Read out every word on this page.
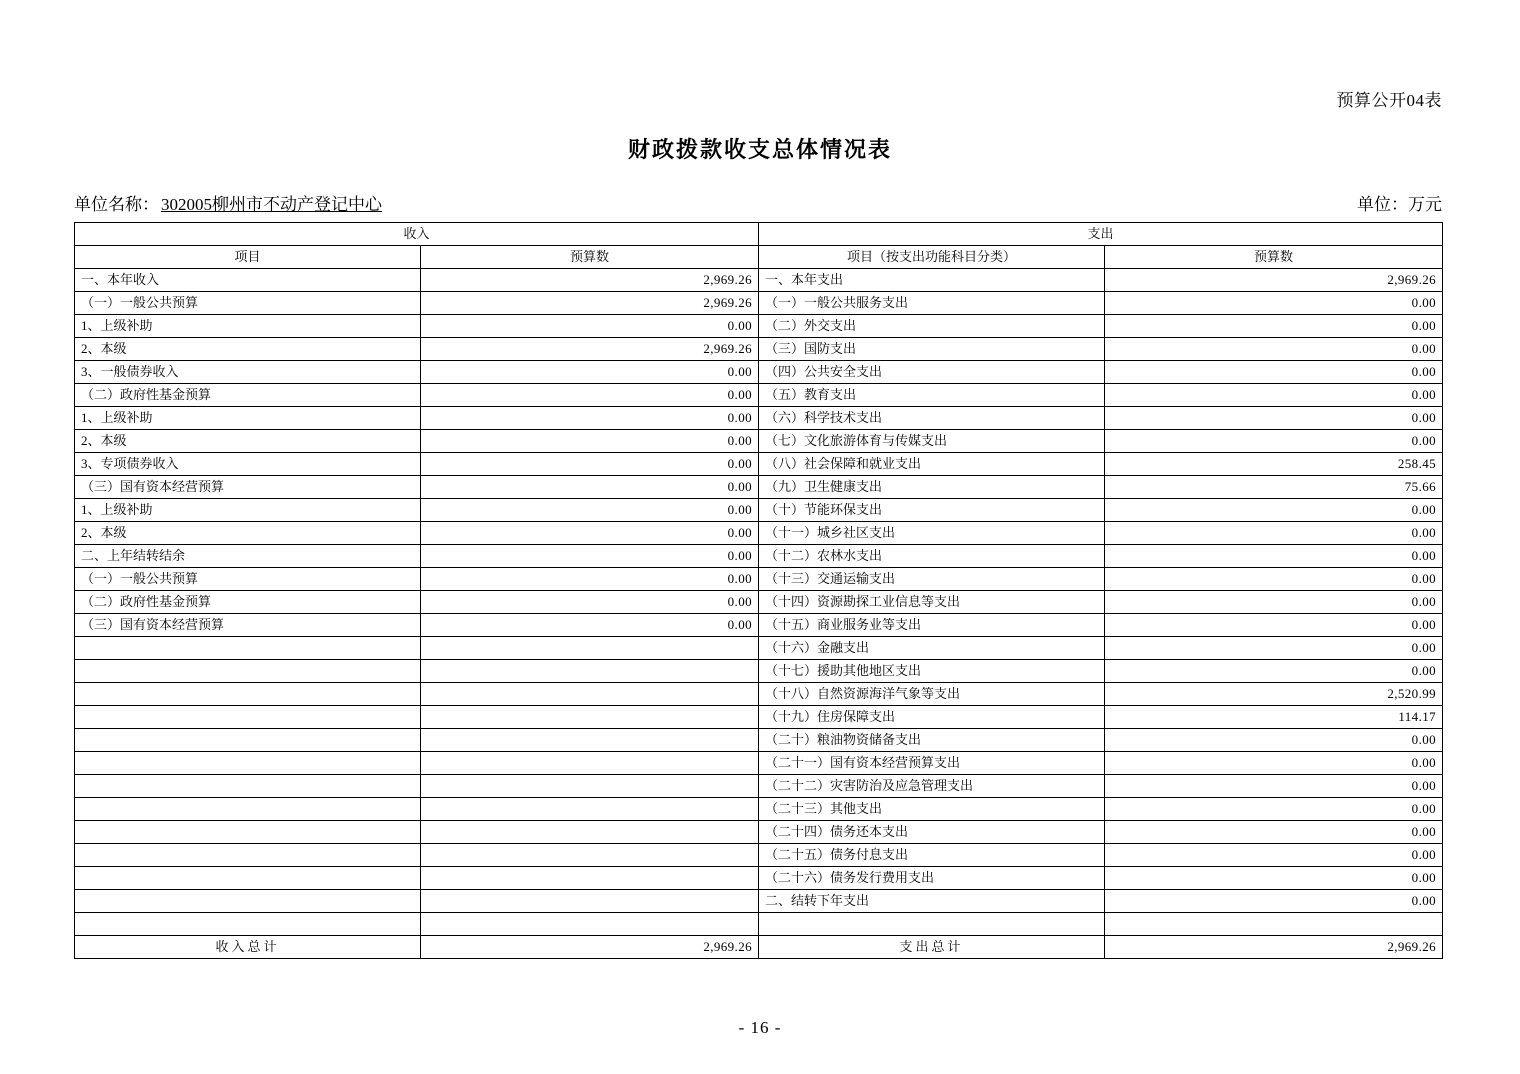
预算公开04表
财政拨款收支总体情况表
单位名称： 302005柳州市不动产登记中心	单位：万元
收入		支出	
项目	预算数	项目（按支出功能科目分类）	预算数
一、本年收入	2,969.26	一、本年支出	2,969.26
（一）一般公共预算	2,969.26	（一）一般公共服务支出	0.00
1、上级补助	0.00	（二）外交支出	0.00
2、本级	2,969.26	（三）国防支出	0.00
3、一般债券收入	0.00	（四）公共安全支出	0.00
（二）政府性基金预算	0.00	（五）教育支出	0.00
1、上级补助	0.00	（六）科学技术支出	0.00
2、本级	0.00	（七）文化旅游体育与传媒支出	0.00
3、专项债券收入	0.00	（八）社会保障和就业支出	258.45
（三）国有资本经营预算	0.00	（九）卫生健康支出	75.66
1、上级补助	0.00	（十）节能环保支出	0.00
2、本级	0.00	（十一）城乡社区支出	0.00
二、上年结转结余	0.00	（十二）农林水支出	0.00
（一）一般公共预算	0.00	（十三）交通运输支出	0.00
（二）政府性基金预算	0.00	（十四）资源勘探工业信息等支出	0.00
（三）国有资本经营预算	0.00	（十五）商业服务业等支出	0.00
		（十六）金融支出	0.00
		（十七）援助其他地区支出	0.00
		（十八）自然资源海洋气象等支出	2,520.99
		（十九）住房保障支出	114.17
		（二十）粮油物资储备支出	0.00
		（二十一）国有资本经营预算支出	0.00
		（二十二）灾害防治及应急管理支出	0.00
		（二十三）其他支出	0.00
		（二十四）债务还本支出	0.00
		（二十五）债务付息支出	0.00
		（二十六）债务发行费用支出	0.00
		二、结转下年支出	0.00

收入总计	2,969.26	支出总计	2,969.26
- 16 -
